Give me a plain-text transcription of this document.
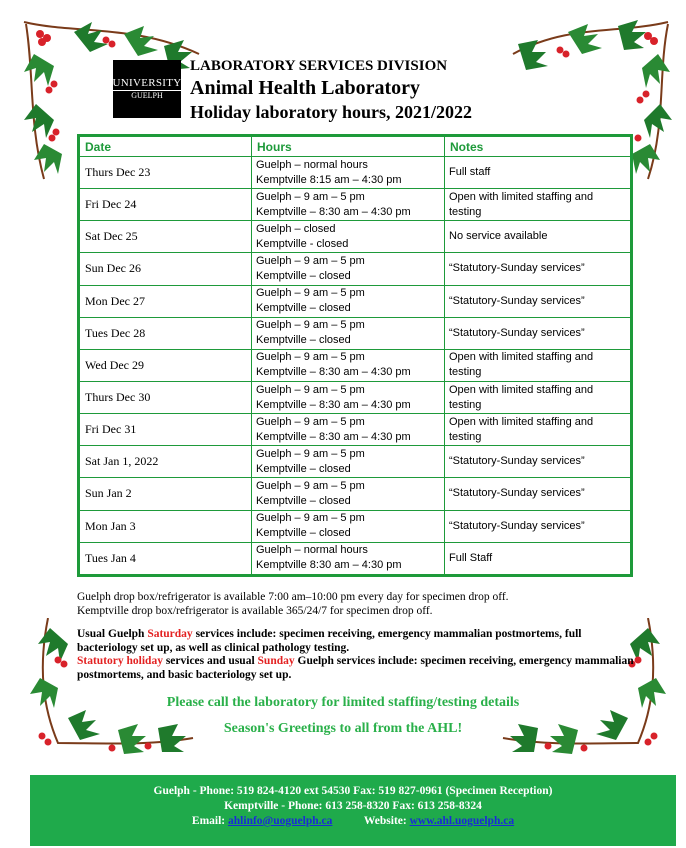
UNIVERSITY
GUELPH
LABORATORY SERVICES DIVISION
Animal Health Laboratory
Holiday laboratory hours, 2021/2022
Date	Hours	Notes
Thurs Dec 23	Guelph – normal hours
Kemptville 8:15 am – 4:30 pm	Full staff
Fri Dec 24	Guelph – 9 am – 5 pm
Kemptville – 8:30 am – 4:30 pm	Open with limited staffing and testing
Sat Dec 25	Guelph – closed
Kemptville - closed	No service available
Sun Dec 26	Guelph – 9 am – 5 pm
Kemptville – closed	“Statutory-Sunday services”
Mon Dec 27	Guelph – 9 am – 5 pm
Kemptville – closed	“Statutory-Sunday services”
Tues Dec 28	Guelph – 9 am – 5 pm
Kemptville – closed	“Statutory-Sunday services”
Wed Dec 29	Guelph – 9 am – 5 pm
Kemptville – 8:30 am – 4:30 pm	Open with limited staffing and testing
Thurs Dec 30	Guelph – 9 am – 5 pm
Kemptville – 8:30 am – 4:30 pm	Open with limited staffing and testing
Fri Dec 31	Guelph – 9 am – 5 pm
Kemptville – 8:30 am – 4:30 pm	Open with limited staffing and testing
Sat Jan 1, 2022	Guelph – 9 am – 5 pm
Kemptville – closed	“Statutory-Sunday services”
Sun Jan 2	Guelph – 9 am – 5 pm
Kemptville – closed	“Statutory-Sunday services”
Mon Jan 3	Guelph – 9 am – 5 pm
Kemptville – closed	“Statutory-Sunday services”
Tues Jan 4	Guelph – normal hours
Kemptville 8:30 am – 4:30 pm	Full Staff
Guelph drop box/refrigerator is available 7:00 am–10:00 pm every day for specimen drop off.
Kemptville drop box/refrigerator is available 365/24/7 for specimen drop off.
Usual Guelph Saturday services include: specimen receiving, emergency mammalian postmortems, full bacteriology set up, as well as clinical pathology testing.
Statutory holiday services and usual Sunday Guelph services include: specimen receiving, emergency mammalian postmortems, and basic bacteriology set up.
Please call the laboratory for limited staffing/testing details
Season's Greetings to all from the AHL!
Guelph - Phone: 519 824-4120 ext 54530 Fax: 519 827-0961 (Specimen Reception)
Kemptville - Phone: 613 258-8320 Fax: 613 258-8324
Email: ahlinfo@uoguelph.ca	Website: www.ahl.uoguelph.ca
